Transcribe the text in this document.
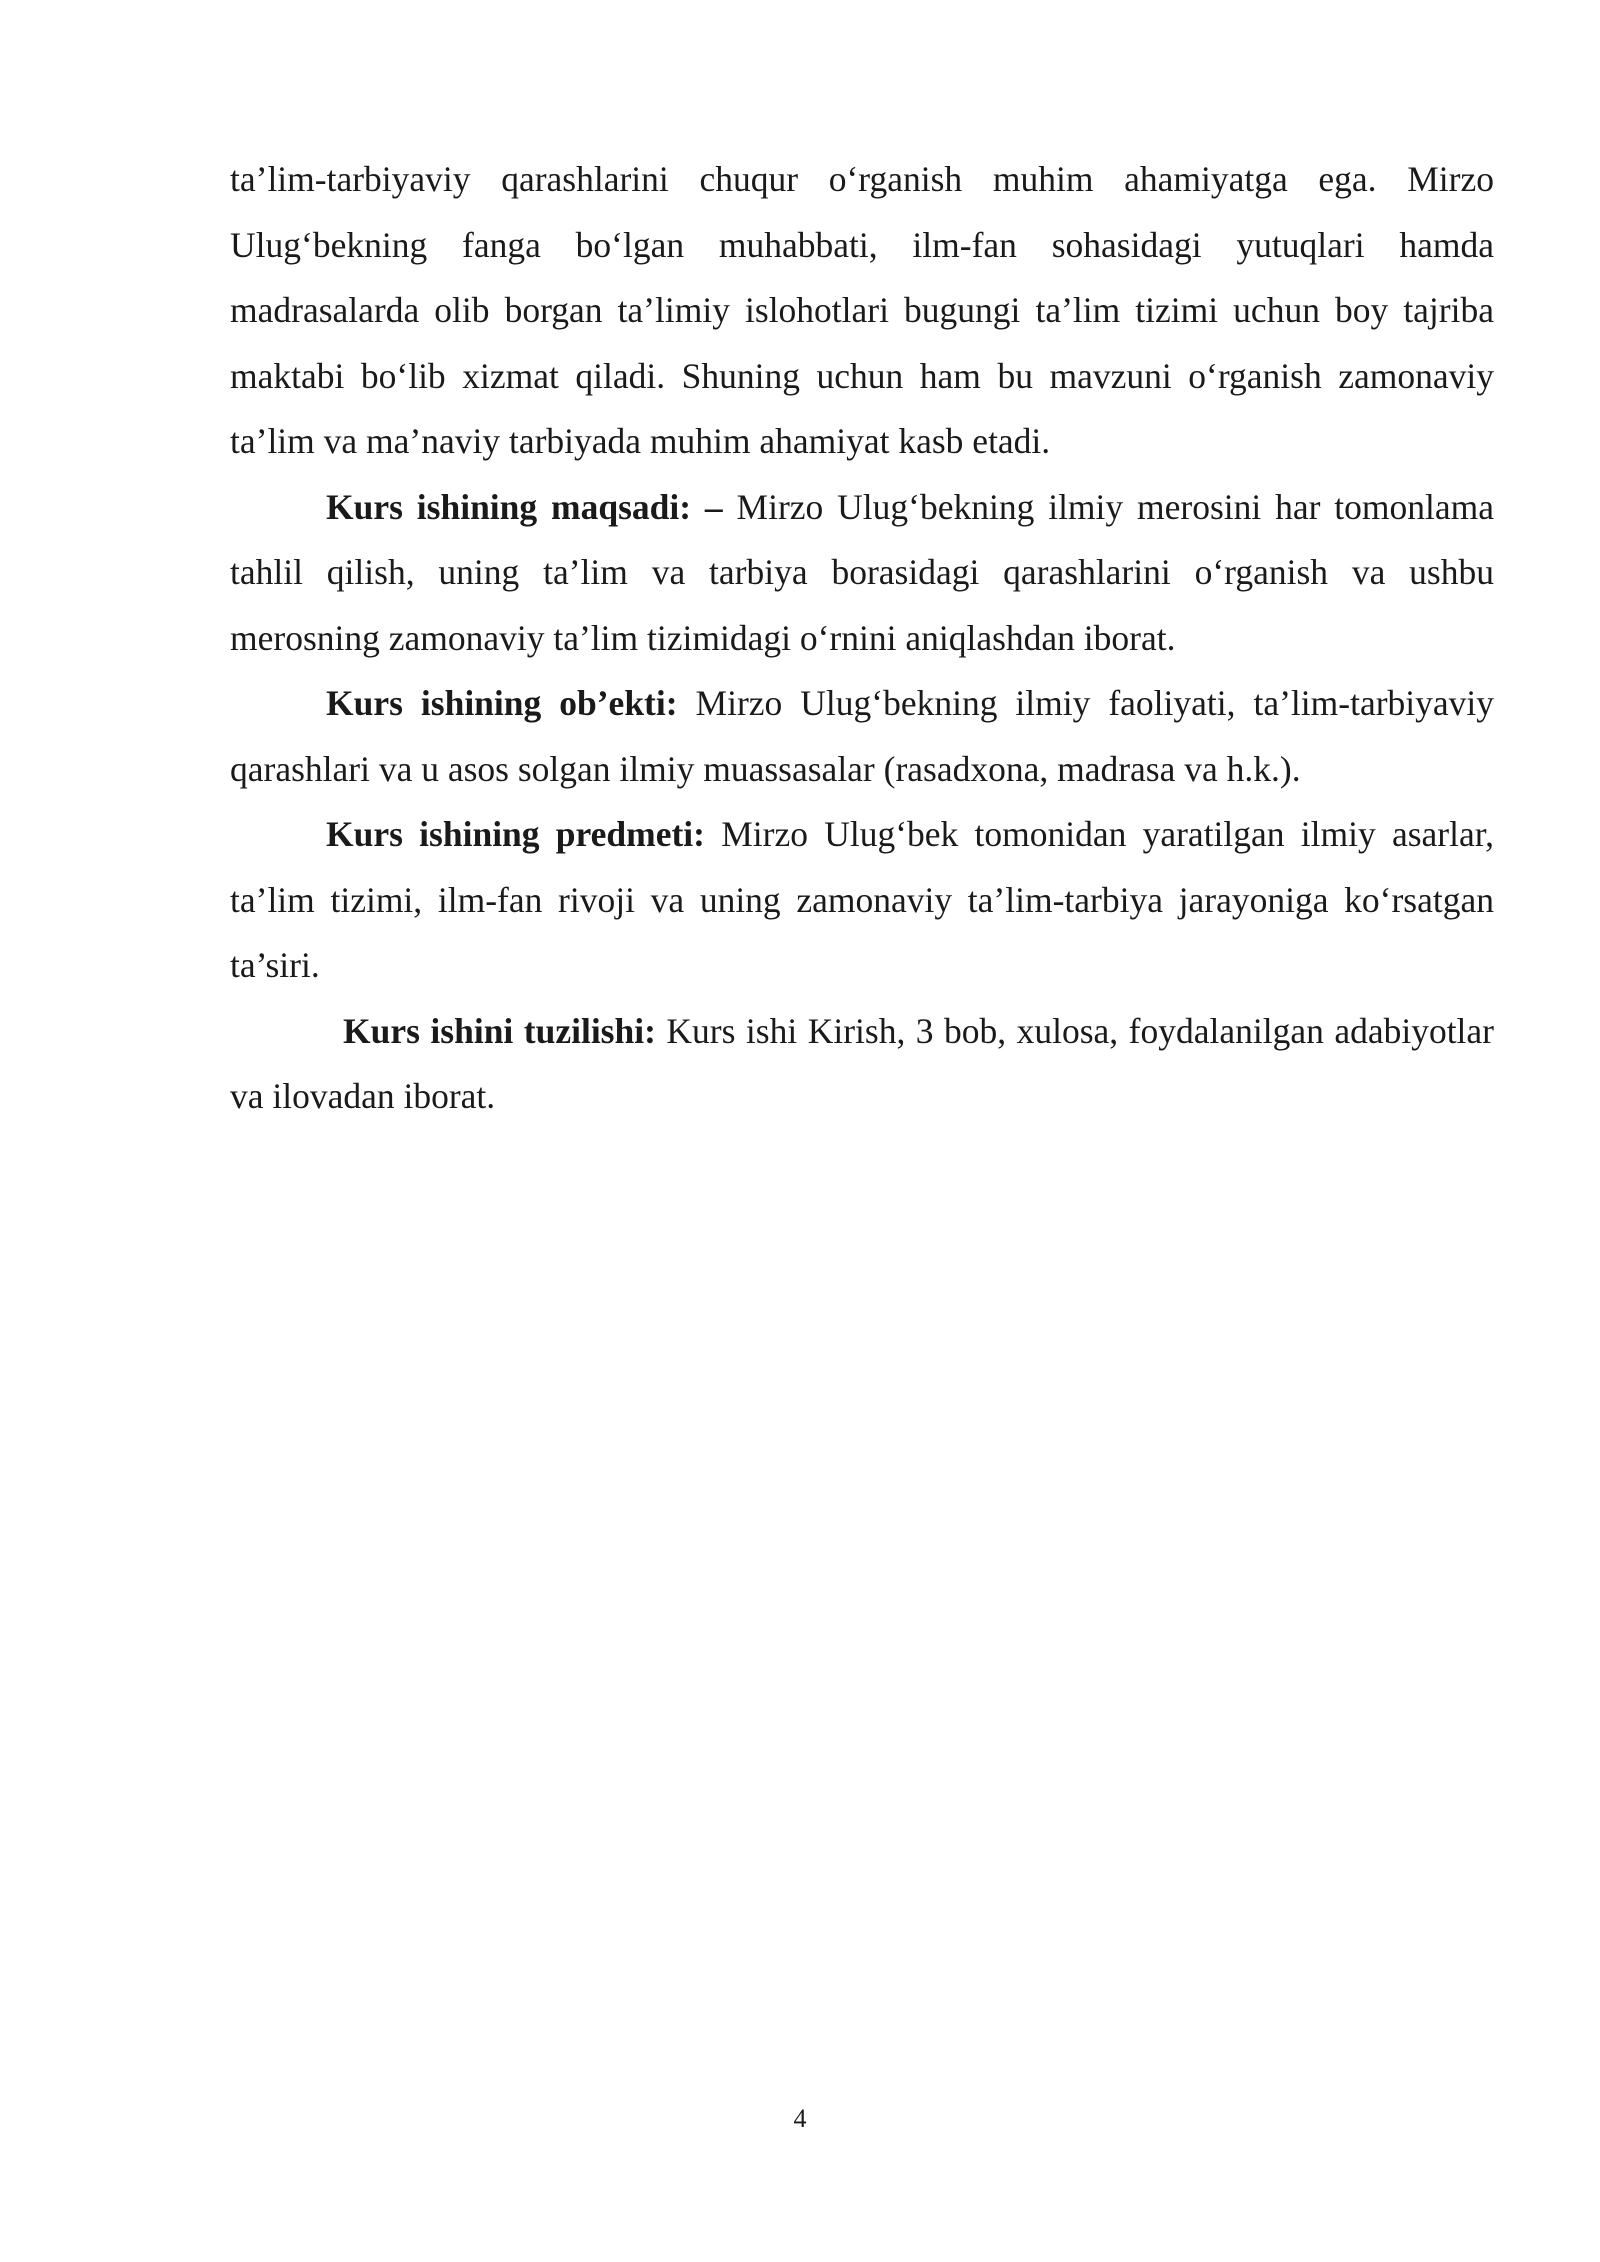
ta’lim-tarbiyaviy qarashlarini chuqur o‘rganish muhim ahamiyatga ega. Mirzo Ulug‘bekning fanga bo‘lgan muhabbati, ilm-fan sohasidagi yutuqlari hamda madrasalarda olib borgan ta’limiy islohotlari bugungi ta’lim tizimi uchun boy tajriba maktabi bo‘lib xizmat qiladi. Shuning uchun ham bu mavzuni o‘rganish zamonaviy ta’lim va ma’naviy tarbiyada muhim ahamiyat kasb etadi.

Kurs ishining maqsadi: – Mirzo Ulug‘bekning ilmiy merosini har tomonlama tahlil qilish, uning ta’lim va tarbiya borasidagi qarashlarini o‘rganish va ushbu merosning zamonaviy ta’lim tizimidagi o‘rnini aniqlashdan iborat.

Kurs ishining ob’ekti: Mirzo Ulug‘bekning ilmiy faoliyati, ta’lim-tarbiyaviy qarashlari va u asos solgan ilmiy muassasalar (rasadxona, madrasa va h.k.).

Kurs ishining predmeti: Mirzo Ulug‘bek tomonidan yaratilgan ilmiy asarlar, ta’lim tizimi, ilm-fan rivoji va uning zamonaviy ta’lim-tarbiya jarayoniga ko‘rsatgan ta’siri.

Kurs ishini tuzilishi: Kurs ishi Kirish, 3 bob, xulosa, foydalanilgan adabiyotlar va ilovadan iborat.

4
